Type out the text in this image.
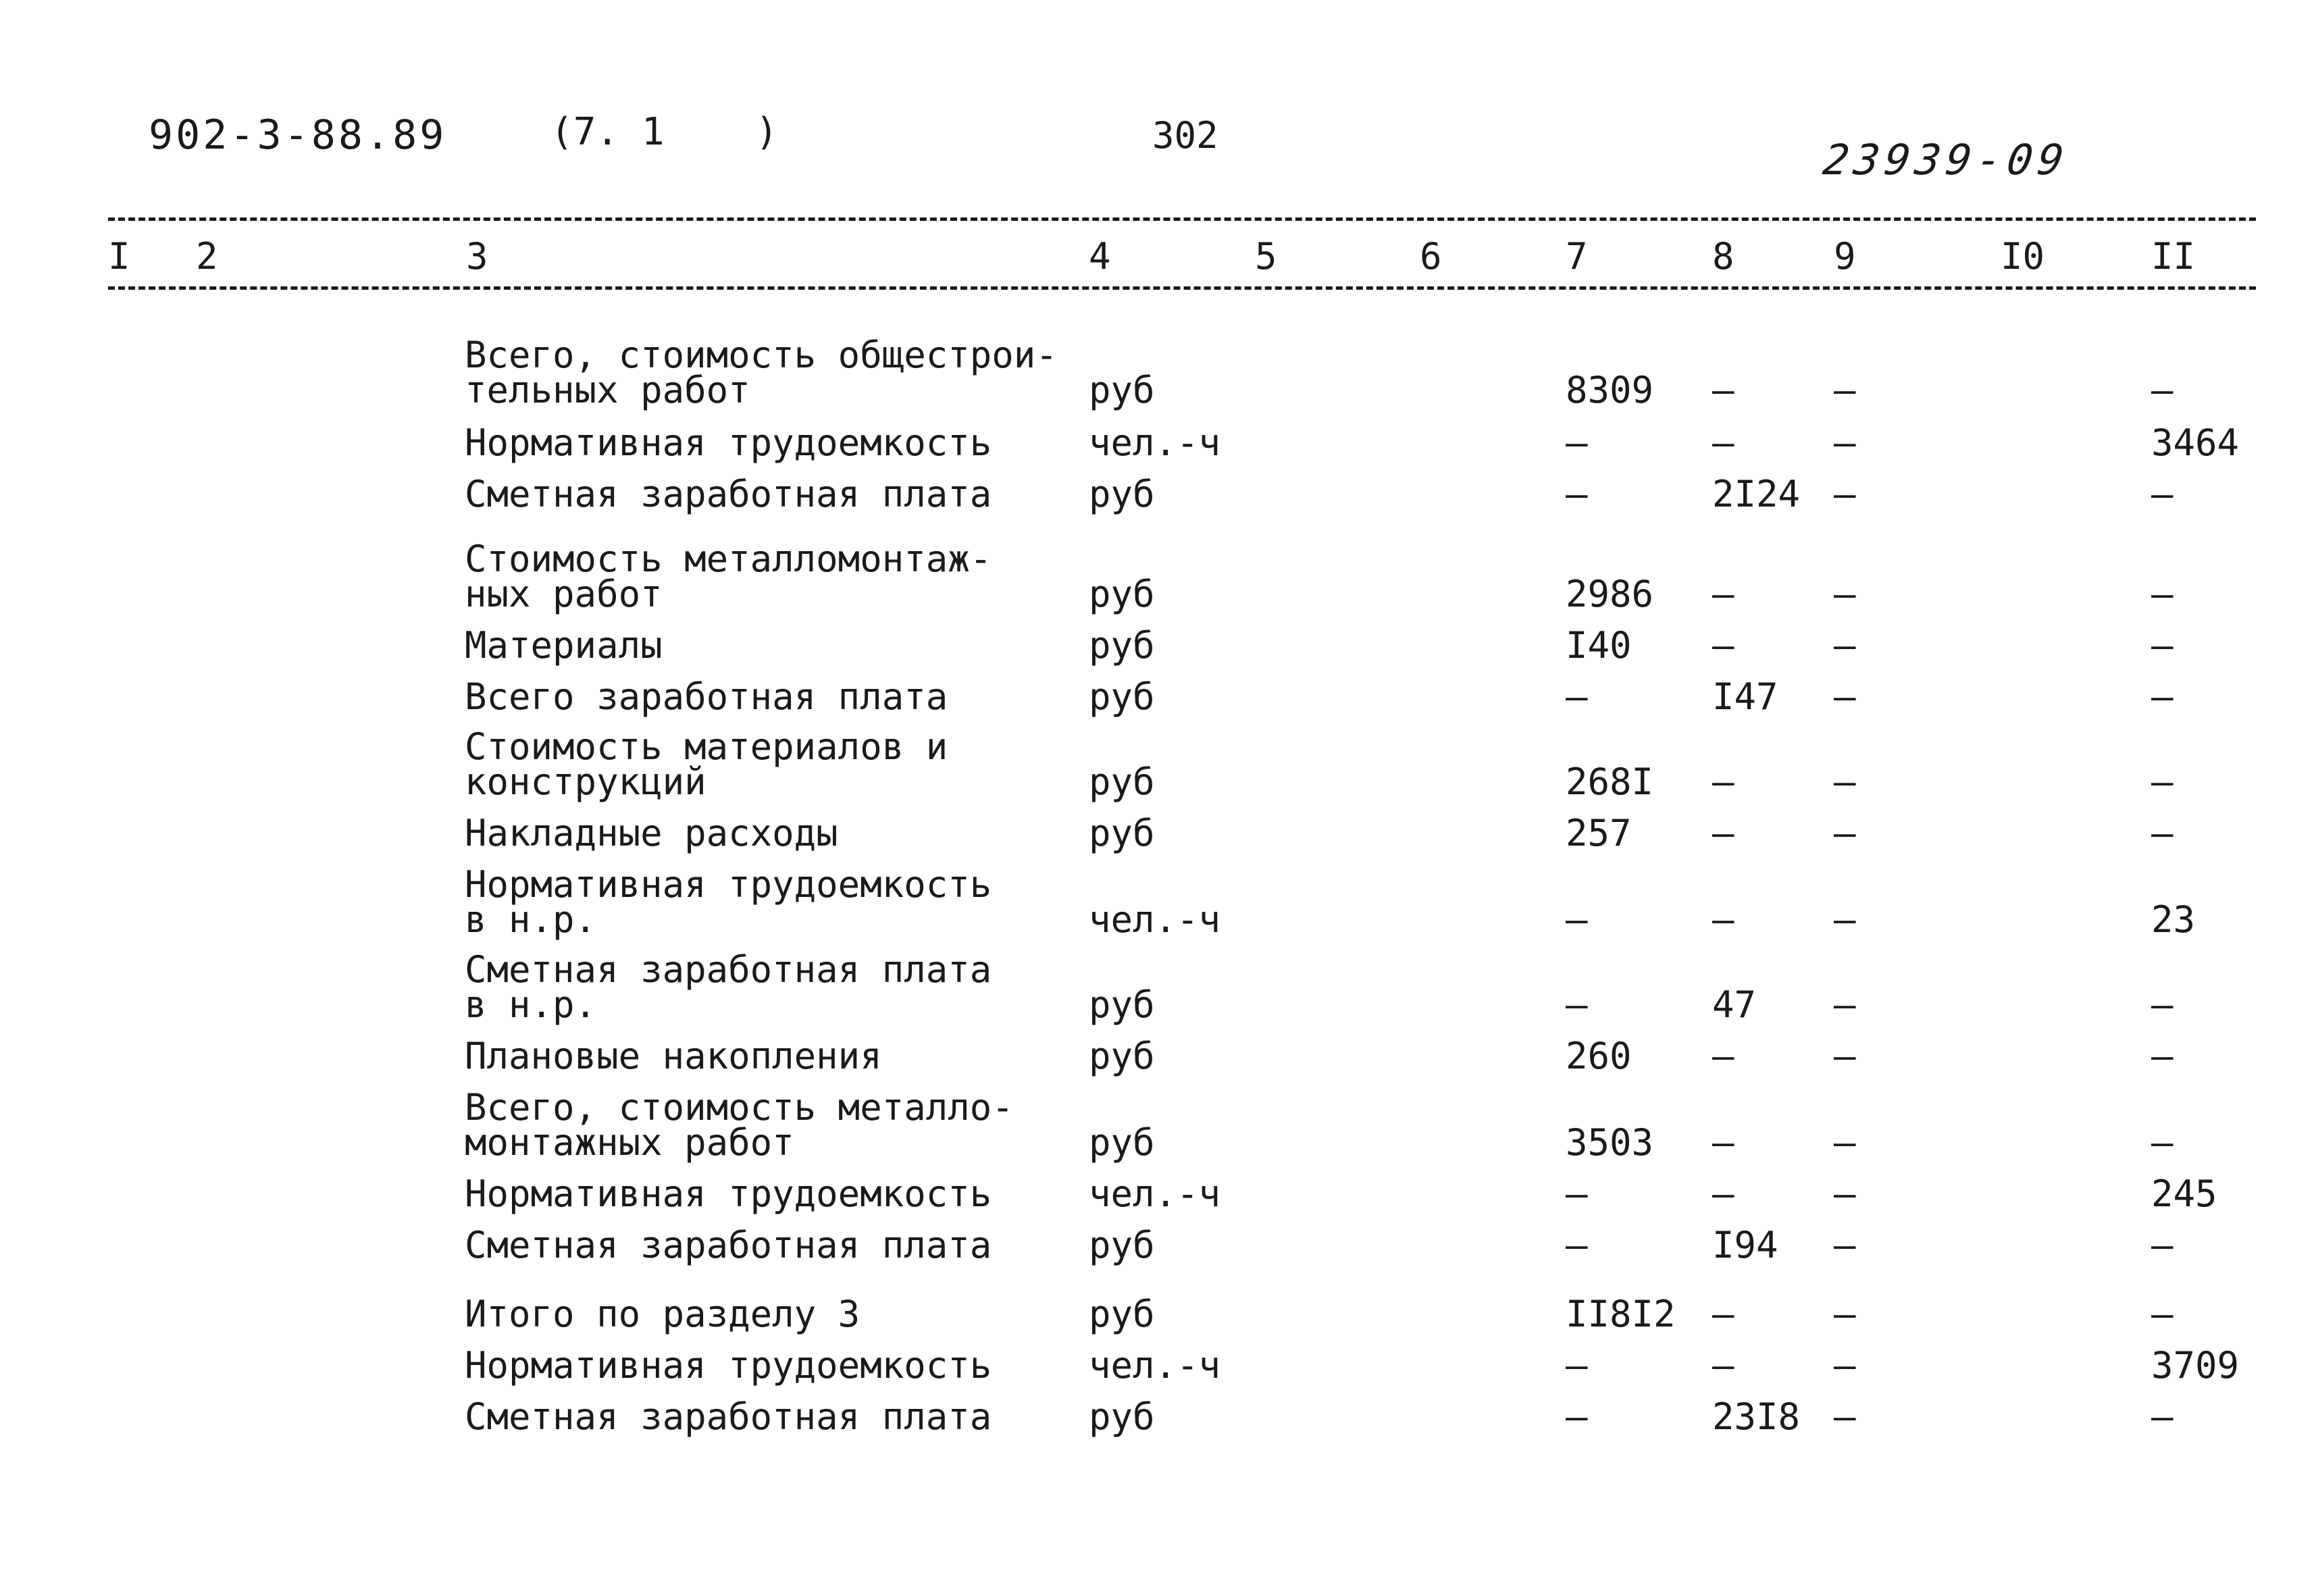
902-3-88.89	(7. 1    )	302	23939-09
I 2	3	4	5	6	7	8	9	I0	II
Всего, стоимость общестрои-
тельных работ	руб	8309 –	–	–
Нормативная трудоемкость	чел.-ч	–	–	–	3464
Сметная заработная плата	руб	–	2I24 –	–
Стоимость металломонтаж-
ных работ	руб	2986 –	–	–
Материалы	руб	I40 –	–	–
Всего заработная плата	руб	–	I47 –	–
Стоимость материалов и
конструкций	руб	268I –	–	–
Накладные расходы	руб	257 –	–	–
Нормативная трудоемкость
в н.р.	чел.-ч	–	–	–	23
Сметная заработная плата
в н.р.	руб	–	47 –	–
Плановые накопления	руб	260 –	–	–
Всего, стоимость металло-
монтажных работ	руб	3503 –	–	–
Нормативная трудоемкость	чел.-ч	–	–	–	245
Сметная заработная плата	руб	–	I94 –	–
Итого по разделу 3	руб	II8I2 –	–	–
Нормативная трудоемкость	чел.-ч	–	–	–	3709
Сметная заработная плата	руб	–	23I8 –	–
